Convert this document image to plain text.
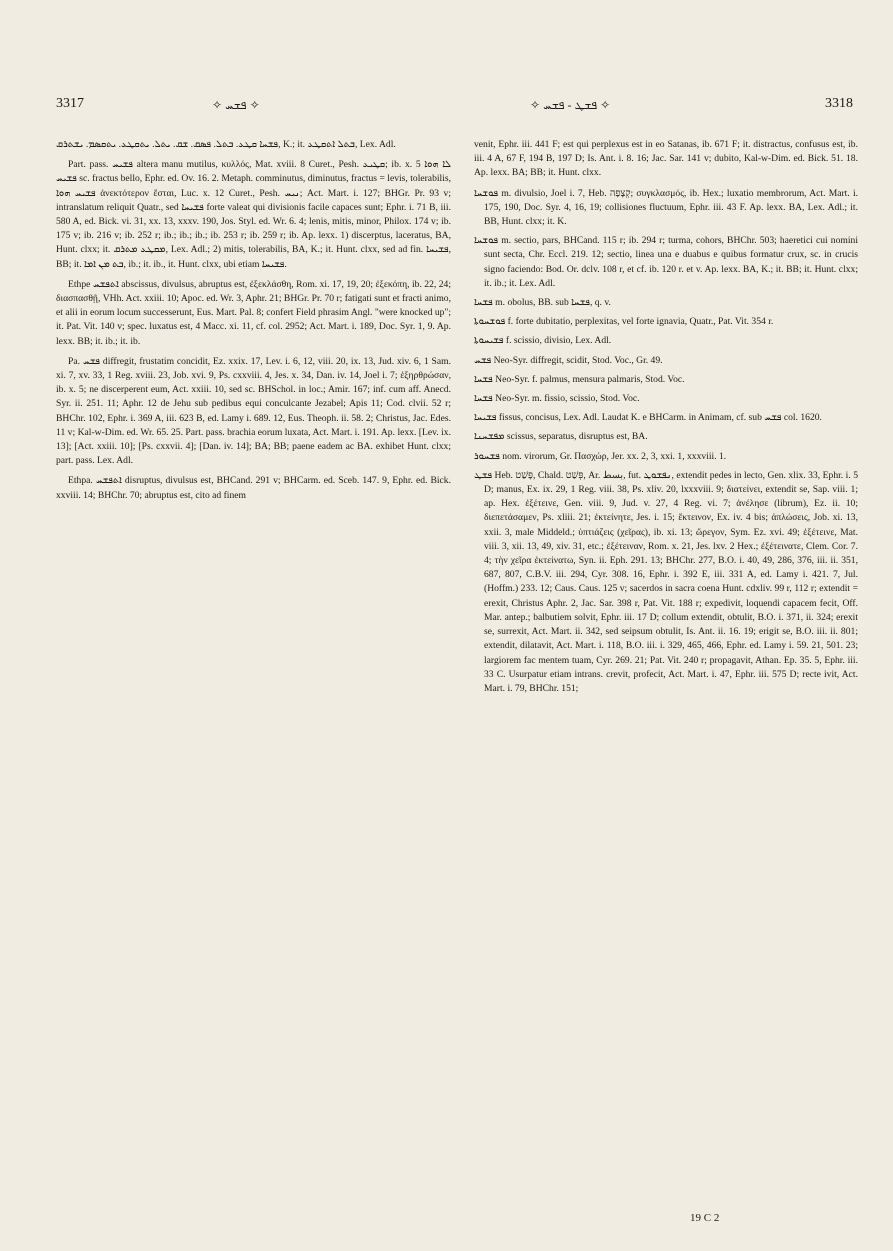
3317	✧ ܦܫܚ ✧	✧ ܦܫܛ - ܦܫܚ ✧	3318

ܦܫܚܐ ܩܛܥ. ܒܬܠ. ܦܣܩ. ܫܩ. ܝܬܠ. ܝܬܩܛܥ. ܝܬܩܣܡ. ܝܫܬܪܩ, K.; it. ܒܬܠ ܐܬܩܛܥ, Lex. Adl.

Part. pass. ܦܫܝܚ altera manu mutilus, κυλλός, Mat. xviii. 8 Curet., Pesh. ܩܛܝܥ; ib. x. 5 ܠܐ ܗܘܐ ܦܫܝܚ sc. fractus bello, Ephr. ed. Ov. 16. 2. Metaph. comminutus, diminutus, fractus = levis, tolerabilis, ܦܫܝܚ ܗܘܐ ἀνεκτότερον ἔσται, Luc. x. 12 Curet., Pesh. ܢܝܚ; Act. Mart. i. 127; BHGr. Pr. 93 v; intranslatum reliquit Quatr., sed ܦܫܝܚܐ forte valeat qui divisionis facile capaces sunt; Ephr. i. 71 B, iii. 580 A, ed. Bick. vi. 31, xx. 13, xxxv. 190, Jos. Styl. ed. Wr. 6. 4; lenis, mitis, minor, Philox. 174 v; ib. 175 v; ib. 216 v; ib. 252 r; ib.; ib.; ib.; ib. 253 r; ib. 259 r; ib. Ap. lexx. 1) discerptus, laceratus, BA, Hunt. clxx; it. ܡܩܛܥ ܡܬܪܩ, Lex. Adl.; 2) mitis, tolerabilis, BA, K.; it. Hunt. clxx, sed ad fin. ܦܫܝܚܐ, BB; it. ܒܬ ܡܢ ܐܡܐ, ib.; it. ib., it. Hunt. clxx, ubi etiam ܦܫܝܚܐ.

Ethpe ܐܬܦܫܚ abscissus, divulsus, abruptus est, ἐξεκλάσθη, Rom. xi. 17, 19, 20; ἐξεκόπη, ib. 22, 24; διασπασθῇ, VHh. Act. xxiii. 10; Apoc. ed. Wr. 3, Aphr. 21; BHGr. Pr. 70 r; fatigati sunt et fracti animo, et alii in eorum locum successerunt, Eus. Mart. Pal. 8; confert Field phrasim Angl. "were knocked up"; it. Pat. Vit. 140 v; spec. luxatus est, 4 Macc. xi. 11, cf. col. 2952; Act. Mart. i. 189, Doc. Syr. 1, 9. Ap. lexx. BB; it. ib.; it. ib.

Pa. ܦܫܚ diffregit, frustatim concidit, Ez. xxix. 17, Lev. i. 6, 12, viii. 20, ix. 13, Jud. xiv. 6, 1 Sam. xi. 7, xv. 33, 1 Reg. xviii. 23, Job. xvi. 9, Ps. cxxviii. 4, Jes. x. 34, Dan. iv. 14, Joel i. 7; ἐξηρθρώσαν, ib. x. 5; ne discerperent eum, Act. xxiii. 10, sed sc. BHSchol. in loc.; Amir. 167; inf. cum aff. Anecd. Syr. ii. 251. 11; Aphr. 12 de Jehu sub pedibus equi conculcante Jezabel; Apis 11; Cod. clvii. 52 r; BHChr. 102, Ephr. i. 369 A, iii. 623 B, ed. Lamy i. 689. 12, Eus. Theoph. ii. 58. 2; Christus, Jac. Edes. 11 v; Kal-w-Dim. ed. Wr. 65. 25. Part. pass. brachia eorum luxata, Act. Mart. i. 191. Ap. lexx. [Lev. ix. 13]; [Act. xxiii. 10]; [Ps. cxxvii. 4]; [Dan. iv. 14]; BA; BB; paene eadem ac BA. exhibet Hunt. clxx; part. pass. Lex. Adl.

Ethpa. ܐܬܦܫܚ disruptus, divulsus est, BHCand. 291 v; BHCarm. ed. Sceb. 147. 9, Ephr. ed. Bick. xxviii. 14; BHChr. 70; abruptus est, cito ad finem

venit, Ephr. iii. 441 F; est qui perplexus est in eo Satanas, ib. 671 F; it. distractus, confusus est, ib. iii. 4 A, 67 F, 194 B, 197 D; Is. Ant. i. 8. 16; Jac. Sar. 141 v; dubito, Kal-w-Dim. ed. Bick. 51. 18. Ap. lexx. BA; BB; it. Hunt. clxx.

ܦܘܫܚܐ m. divulsio, Joel i. 7, Heb. קְצָפָה; συγκλασμός, ib. Hex.; luxatio membrorum, Act. Mart. i. 175, 190, Doc. Syr. 4, 16, 19; collisiones fluctuum, Ephr. iii. 43 F. Ap. lexx. BA, Lex. Adl.; it. BB, Hunt. clxx; it. K.

ܦܘܫܚܐ m. sectio, pars, BHCand. 115 r; ib. 294 r; turma, cohors, BHChr. 503; haeretici cui nomini sunt secta, Chr. Eccl. 219. 12; sectio, linea una e duabus e quibus formatur crux, sc. in crucis signo faciendo: Bod. Or. dclv. 108 r, et cf. ib. 120 r. et v. Ap. lexx. BA, K.; it. BB; it. Hunt. clxx; it. ib.; it. Lex. Adl.

ܦܫܚܐ m. obolus, BB. sub ܦܫܚܐ, q. v.

ܦܘܫܚܘܬܐ f. forte dubitatio, perplexitas, vel forte ignavia, Quatr., Pat. Vit. 354 r.

ܦܫܝܚܘܬܐ f. scissio, divisio, Lex. Adl.

ܦܫܚ Neo-Syr. diffregit, scidit, Stod. Voc., Gr. 49.

ܦܫܚܐ Neo-Syr. f. palmus, mensura palmaris, Stod. Voc.

ܦܫܚܐ Neo-Syr. m. fissio, scissio, Stod. Voc.

ܦܫܝܚܐ fissus, concisus, Lex. Adl. Laudat K. e BHCarm. in Animam, cf. sub ܦܫܚ col. 1620.

ܡܦܫܚܢܐ scissus, separatus, disruptus est, BA.

ܦܫܚܘܪ nom. virorum, Gr. Πασχώρ, Jer. xx. 2, 3, xxi. 1, xxxviii. 1.

ܦܫܛ Heb. פָּשַׁט, Chald. פְּשַׁט, Ar. بسط, fut. ܢܦܫܘܛ, extendit pedes in lecto, Gen. xlix. 33, Ephr. i. 5 D; manus, Ex. ix. 29, 1 Reg. viii. 38, Ps. xliv. 20, lxxxviii. 9; διατείνει, extendit se, Sap. viii. 1; ap. Hex. ἐξέτεινε, Gen. viii. 9, Jud. v. 27, 4 Reg. vi. 7; ἀνέλησε (librum), Ez. ii. 10; διεπετάσαμεν, Ps. xliii. 21; ἐκτείνητε, Jes. i. 15; ἔκτεινον, Ex. iv. 4 bis; ἀπλώσεις, Job. xi. 13, xxii. 3, male Middeld.; ὑπτιάζεις (χεῖρας), ib. xi. 13; ὤρεγον, Sym. Ez. xvi. 49; ἐξέτεινε, Mat. viii. 3, xii. 13, 49, xiv. 31, etc.; ἐξέτειναν, Rom. x. 21, Jes. lxv. 2 Hex.; ἐξέτεινατε, Clem. Cor. 7. 4; τὴν χεῖρα ἐκτείνατω, Syn. ii. Eph. 291. 13; BHChr. 277, B.O. i. 40, 49, 286, 376, iii. ii. 351, 687, 807, C.B.V. iii. 294, Cyr. 308. 16, Ephr. i. 392 E, iii. 331 A, ed. Lamy i. 421. 7, Jul. (Hoffm.) 233. 12; Caus. Caus. 125 v; sacerdos in sacra coena Hunt. cdxliv. 99 r, 112 r; extendit = erexit, Christus Aphr. 2, Jac. Sar. 398 r, Pat. Vit. 188 r; expedivit, loquendi capacem fecit, Off. Mar. antep.; balbutiem solvit, Ephr. iii. 17 D; collum extendit, obtulit, B.O. i. 371, ii. 324; erexit se, surrexit, Act. Mart. ii. 342, sed seipsum obtulit, Is. Ant. ii. 16. 19; erigit se, B.O. iii. ii. 801; extendit, dilatavit, Act. Mart. i. 118, B.O. iii. i. 329, 465, 466, Ephr. ed. Lamy i. 59. 21, 501. 23; largiorem fac mentem tuam, Cyr. 269. 21; Pat. Vit. 240 r; propagavit, Athan. Ep. 35. 5, Ephr. iii. 33 C. Usurpatur etiam intrans. crevit, profecit, Act. Mart. i. 47, Ephr. iii. 575 D; recte ivit, Act. Mart. i. 79, BHChr. 151;

19 C 2
